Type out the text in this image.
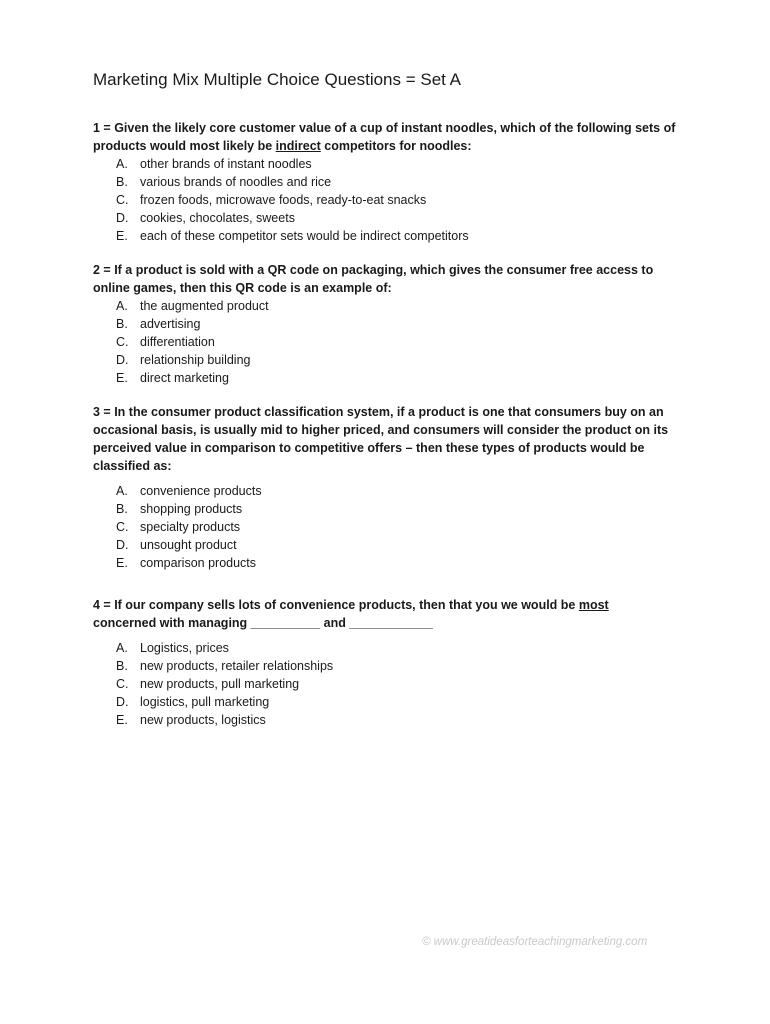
Marketing Mix Multiple Choice Questions = Set A

1 = Given the likely core customer value of a cup of instant noodles, which of the following sets of products would most likely be indirect competitors for noodles:

A. other brands of instant noodles
B. various brands of noodles and rice
C. frozen foods, microwave foods, ready-to-eat snacks
D. cookies, chocolates, sweets
E. each of these competitor sets would be indirect competitors

2 = If a product is sold with a QR code on packaging, which gives the consumer free access to online games, then this QR code is an example of:

A. the augmented product
B. advertising
C. differentiation
D. relationship building
E. direct marketing

3 = In the consumer product classification system, if a product is one that consumers buy on an occasional basis, is usually mid to higher priced, and consumers will consider the product on its perceived value in comparison to competitive offers – then these types of products would be classified as:

A. convenience products
B. shopping products
C. specialty products
D. unsought product
E. comparison products

4 = If our company sells lots of convenience products, then that you we would be most concerned with managing __________ and ____________

A. Logistics, prices
B. new products, retailer relationships
C. new products, pull marketing
D. logistics, pull marketing
E. new products, logistics
© www.greatideasforteachingmarketing.com
